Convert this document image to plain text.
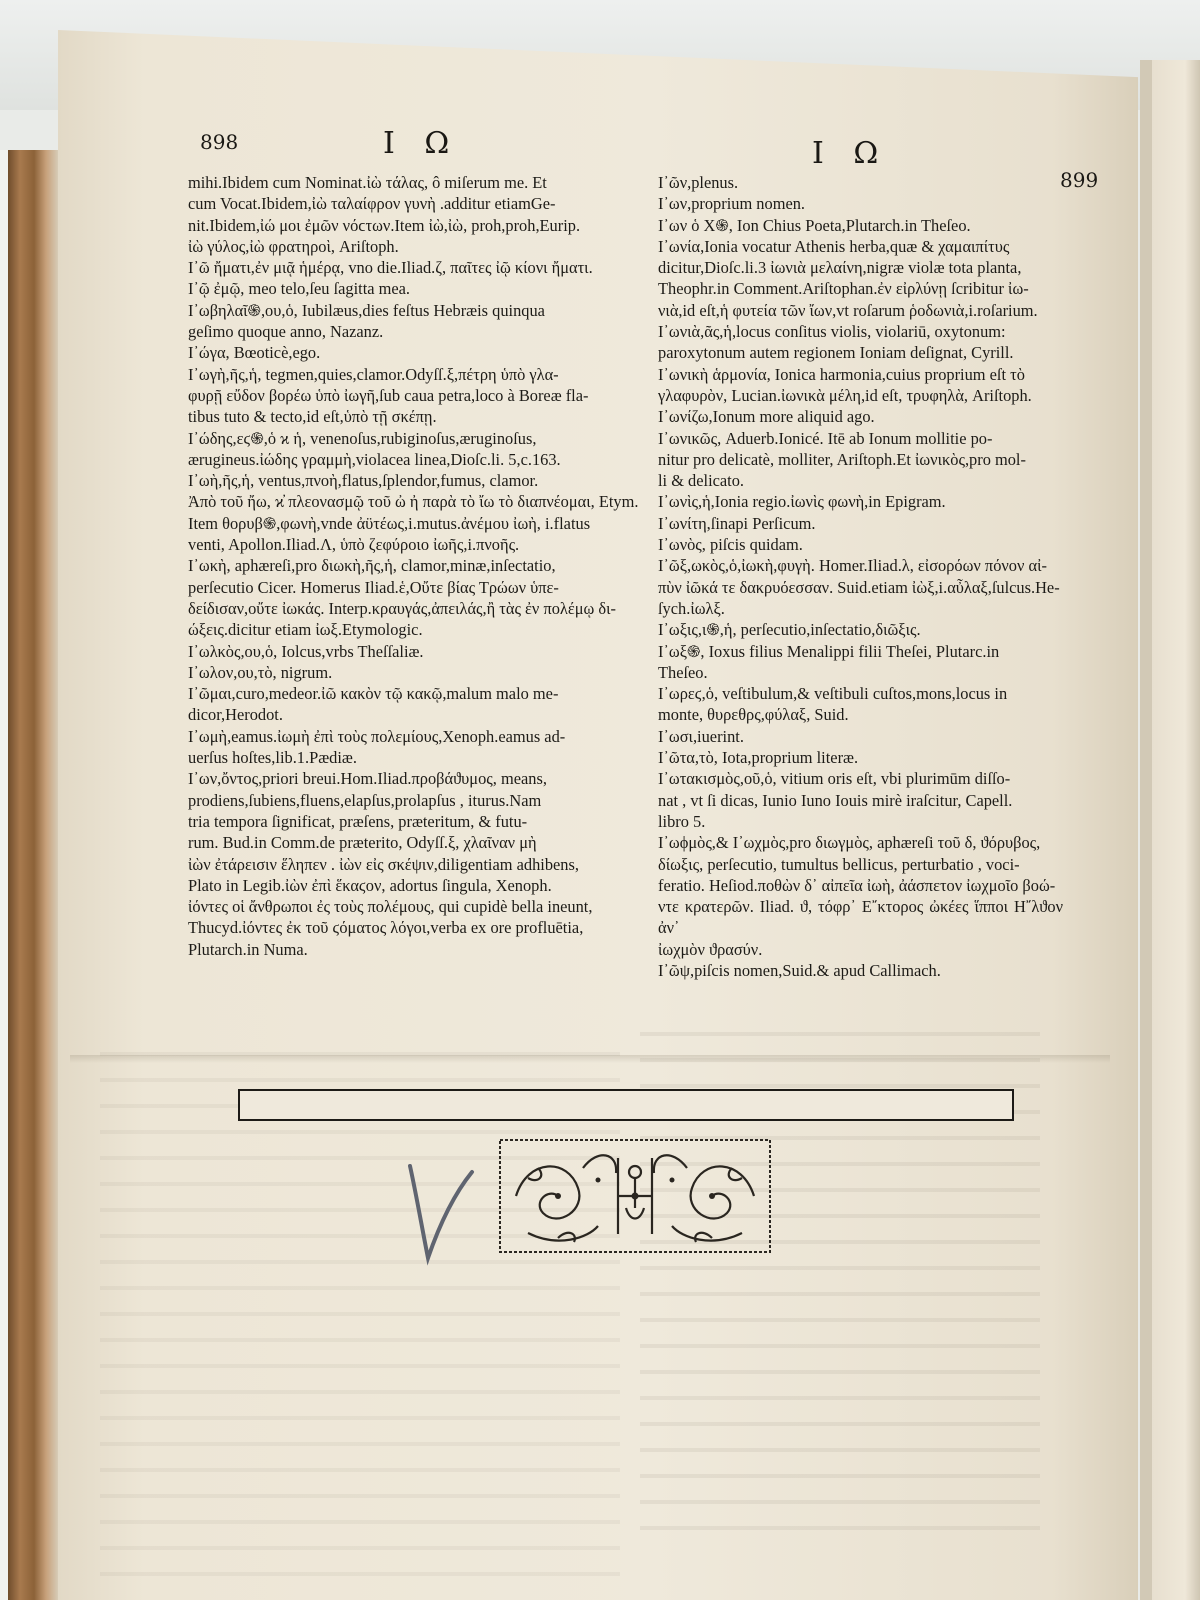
898	I Ω	I Ω
899

mihi.Ibidem cum Nominat.ἰὼ τάλας, ô miſerum me. Et

cum Vocat.Ibidem,ἰὼ ταλαίφρον γυνὴ .additur etiamGe-

nit.Ibidem,ἰώ μοι ἐμῶν νόϲτων.Item ἰὼ,ἰὼ, proh,proh,Eurip.

ἰὼ γύλος,ἰὼ φρατηροὶ, Ariſtoph.

Ι᾿ῶ ἤματι,ἐν μιᾷ ἡμέρᾳ, vno die.Iliad.ζ, παῖτες ἰῷ κίονι ἤματι.

Ι᾿ῷ ἐμῷ, meo telo,ſeu ſagitta mea.

Ι᾿ωβηλαῖ֍,ου,ὁ, Iubilæus,dies feſtus Hebræis quinqua

geſimo quoque anno, Nazanz.

Ι᾿ώγα, Bœoticè,ego.

Ι᾿ωγὴ,ῆς,ἡ, tegmen,quies,clamor.Odyſſ.ξ,πέτρη ὑπὸ γλα-

φυρῇ εὔδον βορέω ὑπὸ ἰωγῆ,ſub caua petra,loco à Boreæ fla-

tibus tuto & tecto,id eſt,ὑπὸ τῇ σκέπῃ.

Ι᾿ώδης,εϛ֍,ὁ ϰ ἡ, venenoſus,rubiginoſus,æruginoſus,

ærugineus.ἰώδης γραμμὴ,violacea linea,Dioſc.li. 5,c.163.

Ι᾿ωὴ,ῆς,ἡ, ventus,πνοὴ,flatus,ſplendor,fumus, clamor.

Ἀπὸ τοῦ ἤω, ϰ̓ πλεονασμῷ τοῦ ὠ ἠ παρὰ τὸ ἴω τὸ διαπνέομαι, Etym.

Item θορυβ֍,φωνὴ,vnde ἀϋτέως,i.mutus.ἀνέμου ἰωὴ, i.flatus

venti, Apollon.Iliad.Λ, ὑπὸ ζεφύροιο ἰωῆς,i.πνοῆς.

Ι᾿ωκὴ, aphæreſi,pro διωκὴ,ῆς,ἡ, clamor,minæ,inſectatio,

perſecutio Cicer. Homerus Iliad.ἑ,Οὔτε βίας Τρώων ὑπε-

δείδισαν,οὔτε ἰωκάς. Interp.κραυγάς,ἀπειλάς,ἢ τὰς ἐν πολέμῳ δι-

ώξεις.dicitur etiam ἰωξ.Etymologic.

Ι᾿ωλκὸς,ου,ὁ, Iolcus,vrbs Theſſaliæ.

Ι᾿ωλον,ου,τὸ, nigrum.

Ι᾿ῶμαι,curo,medeor.ἰῶ κακὸν τῷ κακῷ,malum malo me-

dicor,Herodot.

Ι᾿ωμὴ,eamus.ἰωμὴ ἐπὶ τοὺς πολεμίους,Xenoph.eamus ad-

uerſus hoſtes,lib.1.Pædiæ.

Ι᾿ων,ὄντος,priori breui.Hom.Iliad.προβάϑυμος, means,

prodiens,ſubiens,fluens,elapſus,prolapſus , iturus.Nam

tria tempora ſignificat, præſens, præteritum, & futu-

rum. Bud.in Comm.de præterito, Odyſſ.ξ, χλαῖναν μὴ

ἰὼν ἐτάρεισιν ἕληπεν . ἰὼν εἰς σκέψιν,diligentiam adhibens,

Plato in Legib.ἰὼν ἐπὶ ἕκαϛον, adortus ſingula, Xenoph.

ἰόντες οἱ ἄνθρωποι ἐς τοὺς πολέμους, qui cupidè bella ineunt,

Thucyd.ἰόντες ἐκ τοῦ ϛόματος λόγοι,verba ex ore profluētia,

Plutarch.in Numa.

Ι᾿ῶν,plenus.

Ι᾿ων,proprium nomen.

Ι᾿ων ὁ Χ֍, Ion Chius Poeta,Plutarch.in Theſeo.

Ι᾿ωνία,Ionia vocatur Athenis herba,quæ & χαμαιπίτυς

dicitur,Dioſc.li.3 ἰωνιὰ μελαίνη,nigræ violæ tota planta,

Theophr.in Comment.Ariſtophan.ἐν εἰρλύνῃ ſcribitur ἰω-

νιὰ,id eſt,ἡ φυτεία τῶν ἴων,vt roſarum ῥοδωνιὰ,i.roſarium.

Ι᾿ωνιὰ,ᾶς,ἡ,locus conſitus violis, violariū, oxytonum:

paroxytonum autem regionem Ioniam deſignat, Cyrill.

Ι᾿ωνικὴ ἁρμονία, Ionica harmonia,cuius proprium eſt τὸ

γλαφυρὸν, Lucian.ἰωνικὰ μέλη,id eſt, τρυφηλὰ, Ariſtoph.

Ι᾿ωνίζω,Ionum more aliquid ago.

Ι᾿ωνικῶς, Aduerb.Ionicé. Itē ab Ionum mollitie po-

nitur pro delicatè, molliter, Ariſtoph.Et ἰωνικὸς,pro mol-

li & delicato.

Ι᾿ωνὶς,ἡ,Ionia regio.ἰωνὶς φωνὴ,in Epigram.

Ι᾿ωνίτη,ſinapi Perſicum.

Ι᾿ωνὸς, piſcis quidam.

Ι᾿ῶξ,ωκὸς,ὁ,ἰωκὴ,φυγὴ. Homer.Iliad.λ, εἰσορόων πόνον αἰ-

πὺν ἰῶκά τε δακρυόεσσαν. Suid.etiam ἰὼξ,i.αὖλαξ,ſulcus.He-

ſych.ἰωλξ.

Ι᾿ωξις,ι֍,ἡ, perſecutio,inſectatio,διῶξις.

Ι᾿ωξ֍, Ioxus filius Menalippi filii Theſei, Plutarc.in

Theſeo.

Ι᾿ωρεϛ,ὁ, veſtibulum,& veſtibuli cuſtos,mons,locus in

monte, θυρεθρς,φύλαξ, Suid.

Ι᾿ωσι,iuerint.

Ι᾿ῶτα,τὸ, Iota,proprium literæ.

Ι᾿ωτακισμὸς,οῦ,ὁ, vitium oris eſt, vbi plurimūm diſſo-

nat , vt ſi dicas, Iunio Iuno Iouis mirè iraſcitur, Capell.

libro 5.

Ι᾿ωϕμὸς,& Ι᾿ωχμὸς,pro διωγμὸς, aphæreſi τοῦ δ, ϑόρυβος,

δίωξις, perſecutio, tumultus bellicus, perturbatio , voci-

feratio. Heſiod.ποθὼν δ᾿ αἰπεῖα ἰωὴ, ἀάσπετον ἰωχμοῖο βοώ-

ντε κρατερῶν. Iliad. ϑ, τόφρ᾿ Ε῎κτορος ὠκέες ἵπποι Η῎λϑον ἀν᾿

ἰωχμὸν ϑρασύν.

Ι᾿ῶψ,piſcis nomen,Suid.& apud Callimach.

V
